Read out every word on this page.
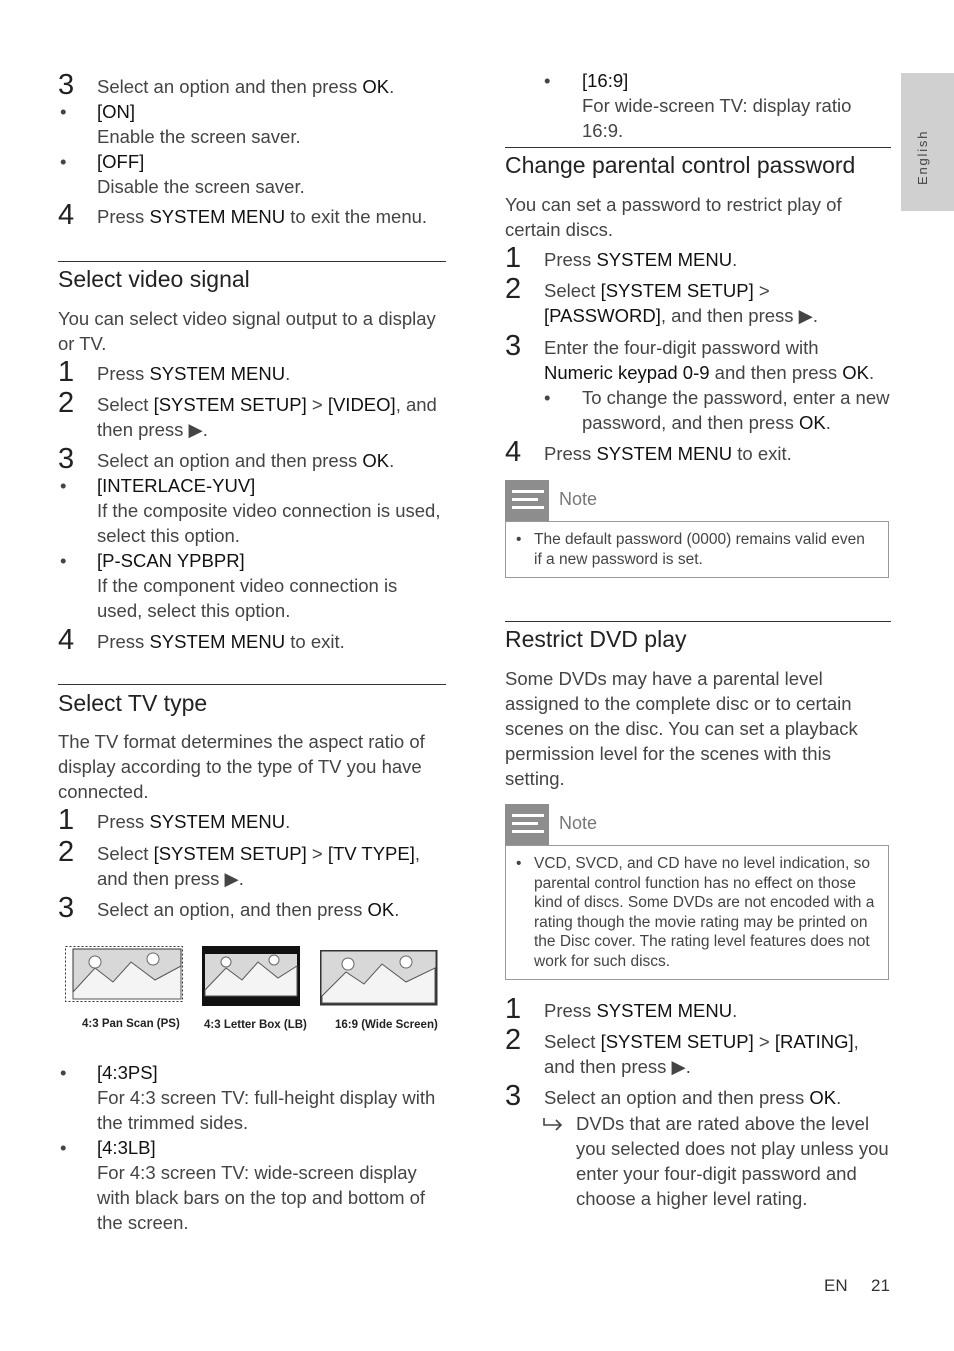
English
3 Select an option and then press OK.
• [ON]
Enable the screen saver.
• [OFF]
Disable the screen saver.
4 Press SYSTEM MENU to exit the menu.

Select video signal

You can select video signal output to a display or TV.

1 Press SYSTEM MENU.
2 Select [SYSTEM SETUP] > [VIDEO], and then press ▶.
3 Select an option and then press OK.
• [INTERLACE-YUV]
If the composite video connection is used, select this option.
• [P-SCAN YPBPR]
If the component video connection is used, select this option.
4 Press SYSTEM MENU to exit.

Select TV type

The TV format determines the aspect ratio of display according to the type of TV you have connected.

1 Press SYSTEM MENU.
2 Select [SYSTEM SETUP] > [TV TYPE], and then press ▶.
3 Select an option, and then press OK.
4:3 Pan Scan (PS) 4:3 Letter Box (LB) 16:9 (Wide Screen)
• [4:3PS]
For 4:3 screen TV: full-height display with the trimmed sides.
• [4:3LB]
For 4:3 screen TV: wide-screen display with black bars on the top and bottom of the screen.
• [16:9]
For wide-screen TV: display ratio 16:9.

Change parental control password

You can set a password to restrict play of certain discs.

1 Press SYSTEM MENU.
2 Select [SYSTEM SETUP] > [PASSWORD], and then press ▶.
3 Enter the four-digit password with Numeric keypad 0-9 and then press OK.
• To change the password, enter a new password, and then press OK.
4 Press SYSTEM MENU to exit.
Note
• The default password (0000) remains valid even if a new password is set.

Restrict DVD play

Some DVDs may have a parental level assigned to the complete disc or to certain scenes on the disc. You can set a playback permission level for the scenes with this setting.

Note
• VCD, SVCD, and CD have no level indication, so parental control function has no effect on those kind of discs. Some DVDs are not encoded with a rating though the movie rating may be printed on the Disc cover. The rating level features does not work for such discs.
1 Press SYSTEM MENU.
2 Select [SYSTEM SETUP] > [RATING], and then press ▶.
3 Select an option and then press OK.
DVDs that are rated above the level you selected does not play unless you enter your four-digit password and choose a higher level rating.
EN 21
